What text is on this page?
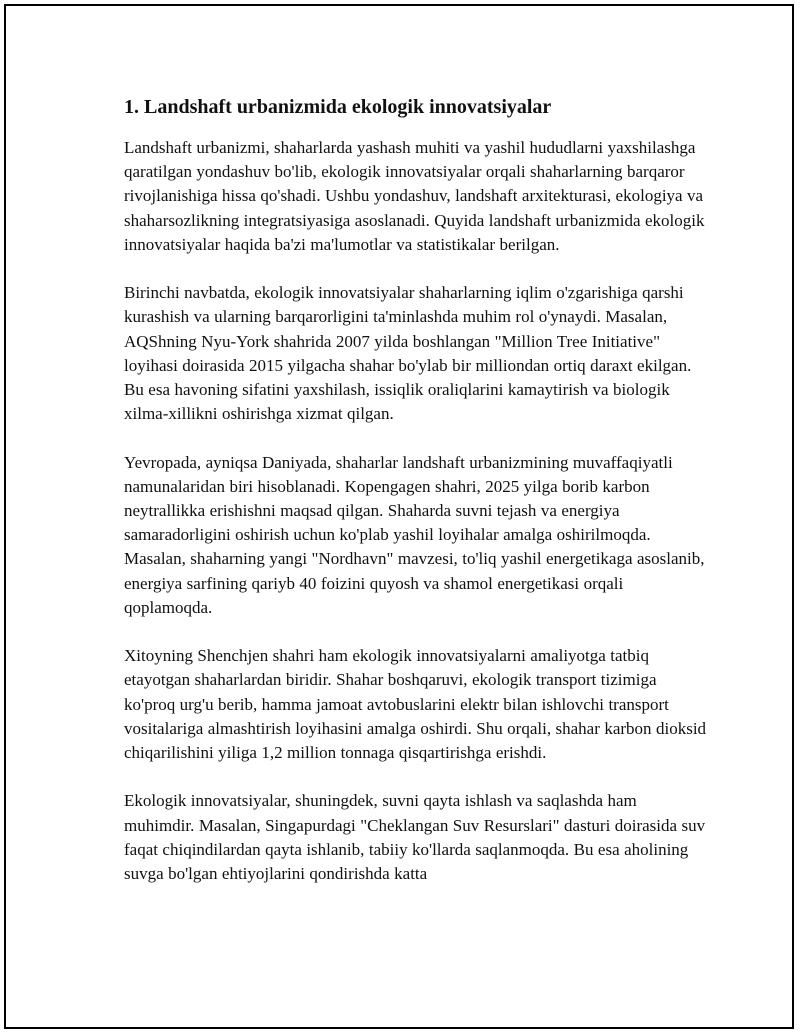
1. Landshaft urbanizmida ekologik innovatsiyalar

Landshaft urbanizmi, shaharlarda yashash muhiti va yashil hududlarni yaxshilashga qaratilgan yondashuv bo'lib, ekologik innovatsiyalar orqali shaharlarning barqaror rivojlanishiga hissa qo'shadi. Ushbu yondashuv, landshaft arxitekturasi, ekologiya va shaharsozlikning integratsiyasiga asoslanadi. Quyida landshaft urbanizmida ekologik innovatsiyalar haqida ba'zi ma'lumotlar va statistikalar berilgan.

Birinchi navbatda, ekologik innovatsiyalar shaharlarning iqlim o'zgarishiga qarshi kurashish va ularning barqarorligini ta'minlashda muhim rol o'ynaydi. Masalan, AQShning Nyu-York shahrida 2007 yilda boshlangan "Million Tree Initiative" loyihasi doirasida 2015 yilgacha shahar bo'ylab bir milliondan ortiq daraxt ekilgan. Bu esa havoning sifatini yaxshilash, issiqlik oraliqlarini kamaytirish va biologik xilma-xillikni oshirishga xizmat qilgan.

Yevropada, ayniqsa Daniyada, shaharlar landshaft urbanizmining muvaffaqiyatli namunalaridan biri hisoblanadi. Kopengagen shahri, 2025 yilga borib karbon neytrallikka erishishni maqsad qilgan. Shaharda suvni tejash va energiya samaradorligini oshirish uchun ko'plab yashil loyihalar amalga oshirilmoqda. Masalan, shaharning yangi "Nordhavn" mavzesi, to'liq yashil energetikaga asoslanib, energiya sarfining qariyb 40 foizini quyosh va shamol energetikasi orqali qoplamoqda.

Xitoyning Shenchjen shahri ham ekologik innovatsiyalarni amaliyotga tatbiq etayotgan shaharlardan biridir. Shahar boshqaruvi, ekologik transport tizimiga ko'proq urg'u berib, hamma jamoat avtobuslarini elektr bilan ishlovchi transport vositalariga almashtirish loyihasini amalga oshirdi. Shu orqali, shahar karbon dioksid chiqarilishini yiliga 1,2 million tonnaga qisqartirishga erishdi.

Ekologik innovatsiyalar, shuningdek, suvni qayta ishlash va saqlashda ham muhimdir. Masalan, Singapurdagi "Cheklangan Suv Resurslari" dasturi doirasida suv faqat chiqindilardan qayta ishlanib, tabiiy ko'llarda saqlanmoqda. Bu esa aholining suvga bo'lgan ehtiyojlarini qondirishda katta
